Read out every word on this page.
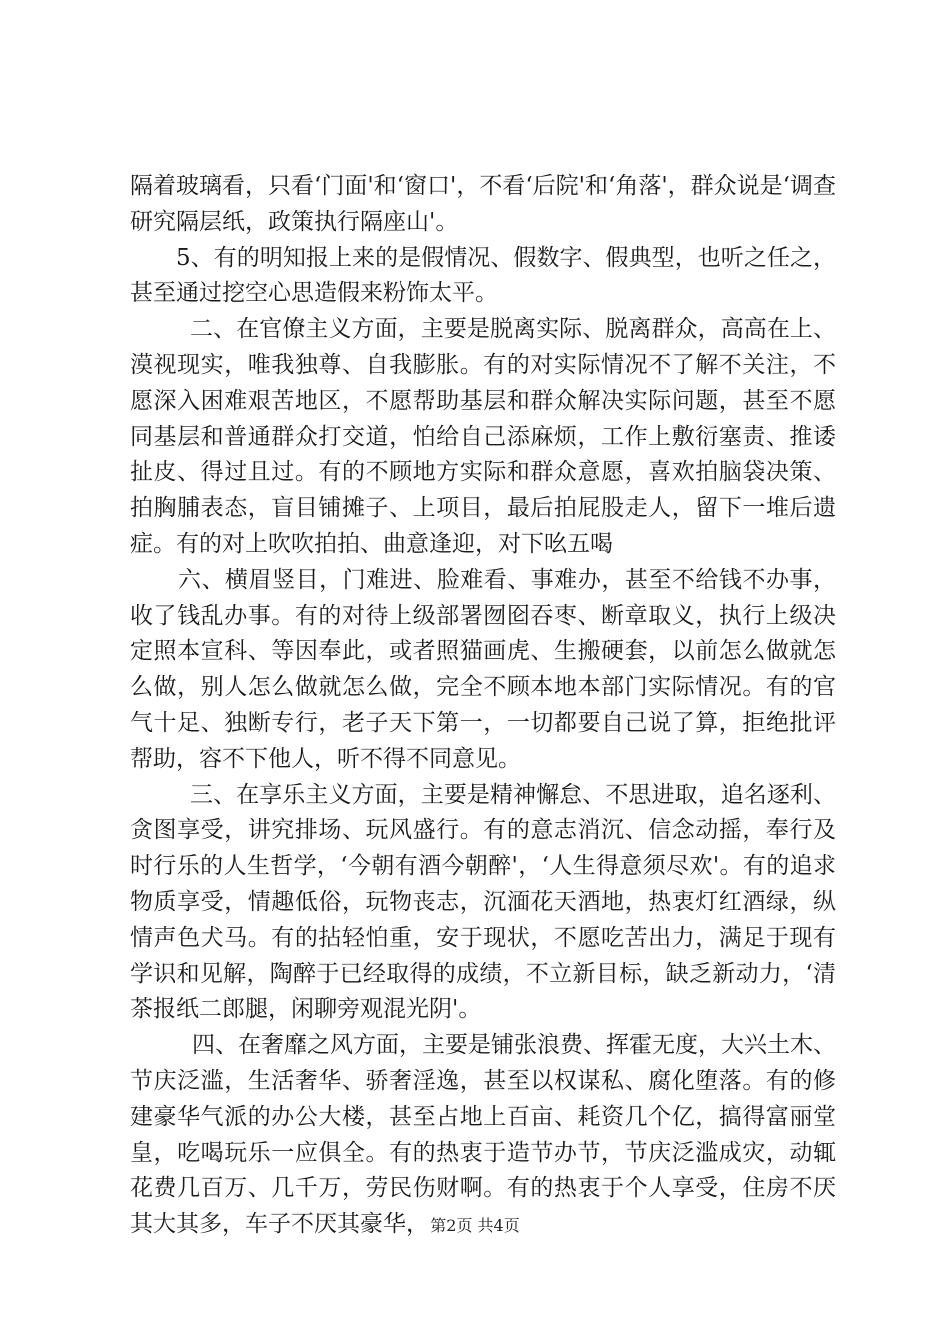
隔着玻璃看，只看‘门面'和‘窗口'，不看‘后院'和‘角落'，群众说是‘调查研究隔层纸，政策执行隔座山'。

5、有的明知报上来的是假情况、假数字、假典型，也听之任之，甚至通过挖空心思造假来粉饰太平。

二、在官僚主义方面，主要是脱离实际、脱离群众，高高在上、漠视现实，唯我独尊、自我膨胀。有的对实际情况不了解不关注，不愿深入困难艰苦地区，不愿帮助基层和群众解决实际问题，甚至不愿同基层和普通群众打交道，怕给自己添麻烦，工作上敷衍塞责、推诿扯皮、得过且过。有的不顾地方实际和群众意愿，喜欢拍脑袋决策、拍胸脯表态，盲目铺摊子、上项目，最后拍屁股走人，留下一堆后遗症。有的对上吹吹拍拍、曲意逢迎，对下吆五喝

六、横眉竖目，门难进、脸难看、事难办，甚至不给钱不办事，收了钱乱办事。有的对待上级部署囫囵吞枣、断章取义，执行上级决定照本宣科、等因奉此，或者照猫画虎、生搬硬套，以前怎么做就怎么做，别人怎么做就怎么做，完全不顾本地本部门实际情况。有的官气十足、独断专行，老子天下第一，一切都要自己说了算，拒绝批评帮助，容不下他人，听不得不同意见。

三、在享乐主义方面，主要是精神懈怠、不思进取，追名逐利、贪图享受，讲究排场、玩风盛行。有的意志消沉、信念动摇，奉行及时行乐的人生哲学，‘今朝有酒今朝醉'，‘人生得意须尽欢'。有的追求物质享受，情趣低俗，玩物丧志，沉湎花天酒地，热衷灯红酒绿，纵情声色犬马。有的拈轻怕重，安于现状，不愿吃苦出力，满足于现有学识和见解，陶醉于已经取得的成绩，不立新目标，缺乏新动力，‘清茶报纸二郎腿，闲聊旁观混光阴'。

四、在奢靡之风方面，主要是铺张浪费、挥霍无度，大兴土木、节庆泛滥，生活奢华、骄奢淫逸，甚至以权谋私、腐化堕落。有的修建豪华气派的办公大楼，甚至占地上百亩、耗资几个亿，搞得富丽堂皇，吃喝玩乐一应俱全。有的热衷于造节办节，节庆泛滥成灾，动辄花费几百万、几千万，劳民伤财啊。有的热衷于个人享受，住房不厌其大其多，车子不厌其豪华， 第2页 共4页
